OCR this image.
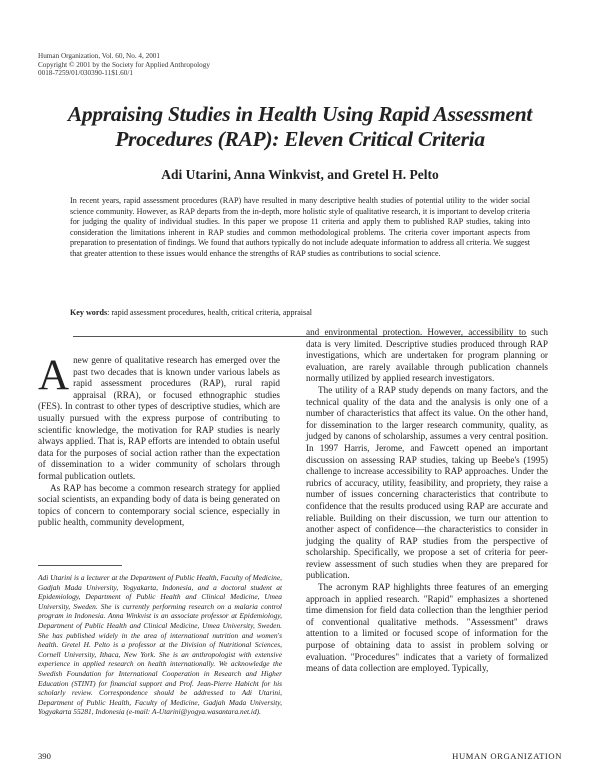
Human Organization, Vol. 60, No. 4, 2001
Copyright © 2001 by the Society for Applied Anthropology
0018-7259/01/030390-11$1.60/1
Appraising Studies in Health Using Rapid Assessment
Procedures (RAP): Eleven Critical Criteria
Adi Utarini, Anna Winkvist, and Gretel H. Pelto
In recent years, rapid assessment procedures (RAP) have resulted in many descriptive health studies of potential utility to the wider social science community. However, as RAP departs from the in-depth, more holistic style of qualitative research, it is important to develop criteria for judging the quality of individual studies. In this paper we propose 11 criteria and apply them to published RAP studies, taking into consideration the limitations inherent in RAP studies and common methodological problems. The criteria cover important aspects from preparation to presentation of findings. We found that authors typically do not include adequate information to address all criteria. We suggest that greater attention to these issues would enhance the strengths of RAP studies as contributions to social science.
Key words: rapid assessment procedures, health, critical criteria, appraisal

Anew genre of qualitative research has emerged over the past two decades that is known under various labels as rapid assessment procedures (RAP), rural rapid appraisal (RRA), or focused ethnographic studies (FES). In contrast to other types of descriptive studies, which are usually pursued with the express purpose of contributing to scientific knowledge, the motivation for RAP studies is nearly always applied. That is, RAP efforts are intended to obtain useful data for the purposes of social action rather than the expectation of dissemination to a wider community of scholars through formal publication outlets.

As RAP has become a common research strategy for applied social scientists, an expanding body of data is being generated on topics of concern to contemporary social science, especially in public health, community development,

and environmental protection. However, accessibility to such data is very limited. Descriptive studies produced through RAP investigations, which are undertaken for program planning or evaluation, are rarely available through publication channels normally utilized by applied research investigators.

The utility of a RAP study depends on many factors, and the technical quality of the data and the analysis is only one of a number of characteristics that affect its value. On the other hand, for dissemination to the larger research community, quality, as judged by canons of scholarship, assumes a very central position. In 1997 Harris, Jerome, and Fawcett opened an important discussion on assessing RAP studies, taking up Beebe's (1995) challenge to increase accessibility to RAP approaches. Under the rubrics of accuracy, utility, feasibility, and propriety, they raise a number of issues concerning characteristics that contribute to confidence that the results produced using RAP are accurate and reliable. Building on their discussion, we turn our attention to another aspect of confidence—the characteristics to consider in judging the quality of RAP studies from the perspective of scholarship. Specifically, we propose a set of criteria for peer-review assessment of such studies when they are prepared for publication.

The acronym RAP highlights three features of an emerging approach in applied research. "Rapid" emphasizes a shortened time dimension for field data collection than the lengthier period of conventional qualitative methods. "Assessment" draws attention to a limited or focused scope of information for the purpose of obtaining data to assist in problem solving or evaluation. "Procedures" indicates that a variety of formalized means of data collection are employed. Typically,

Adi Utarini is a lecturer at the Department of Public Health, Faculty of Medicine, Gadjah Mada University, Yogyakarta, Indonesia, and a doctoral student at Epidemiology, Department of Public Health and Clinical Medicine, Umea University, Sweden. She is currently performing research on a malaria control program in Indonesia. Anna Winkvist is an associate professor at Epidemiology, Department of Public Health and Clinical Medicine, Umea University, Sweden. She has published widely in the area of international nutrition and women's health. Gretel H. Pelto is a professor at the Division of Nutritional Sciences, Cornell University, Ithaca, New York. She is an anthropologist with extensive experience in applied research on health internationally. We acknowledge the Swedish Foundation for International Cooperation in Research and Higher Education (STINT) for financial support and Prof. Jean-Pierre Habicht for his scholarly review. Correspondence should be addressed to Adi Utarini, Department of Public Health, Faculty of Medicine, Gadjah Mada University, Yogyakarta 55281, Indonesia (e-mail: A-Utarini@yogya.wasantara.net.id).
390	HUMAN ORGANIZATION
